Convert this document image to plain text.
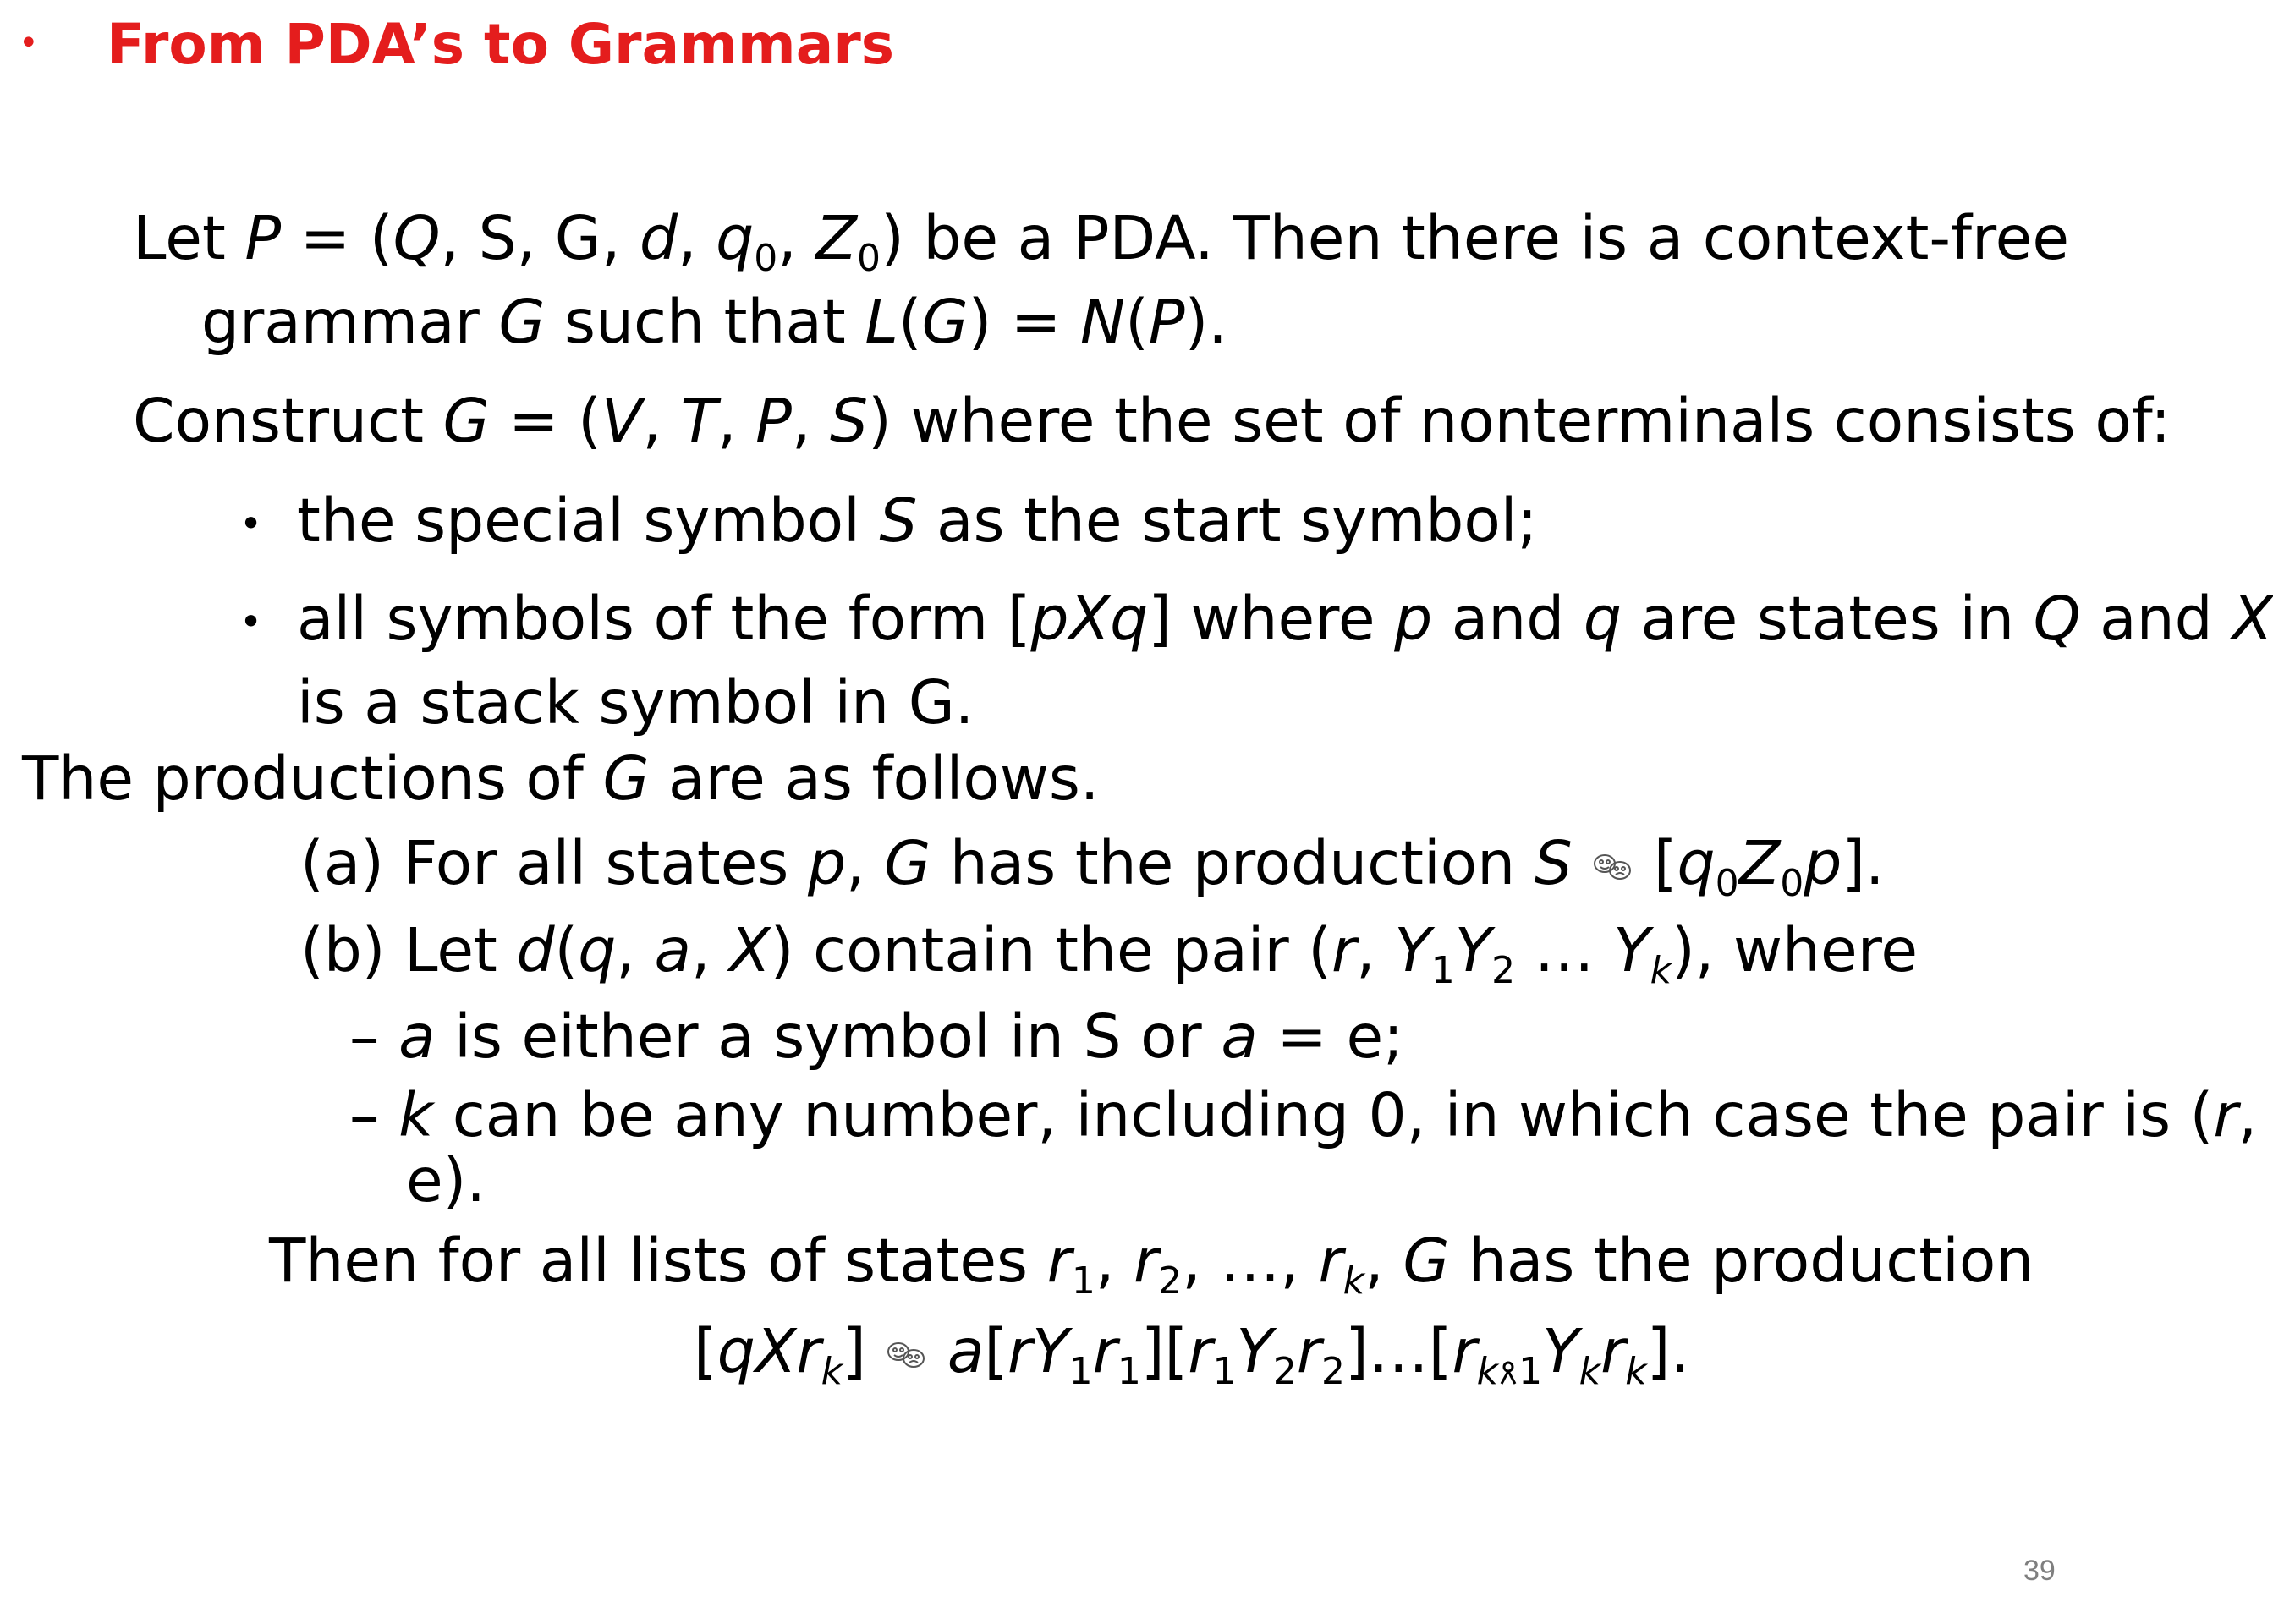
• From PDA’s to Grammars
Let P = (Q, S, G, d, $q_0$, $Z_0$) be a PDA. Then there is a context-free
grammar G such that L(G) = N(P).
Construct G = (V, T, P, S) where the set of nonterminals consists of:
• the special symbol S as the start symbol;
• all symbols of the form [pXq] where p and q are states in Q and X
is a stack symbol in G.
The productions of G are as follows.
(a) For all states p, G has the production S $[q_0Z_0p]$.
(b) Let d(q, a, X) contain the pair (r, $Y_1Y_2$ … $Y_k$), where
– a is either a symbol in S or a = e;
– k can be any number, including 0, in which case the pair is (r,
e).
Then for all lists of states $r_1$, $r_2$, …, $r_k$, G has the production
[qXr$_k$] $a[rY_1r_1][r_1Y_2r_2]\dots[r_{k 1}Y_kr_k]$.
39
